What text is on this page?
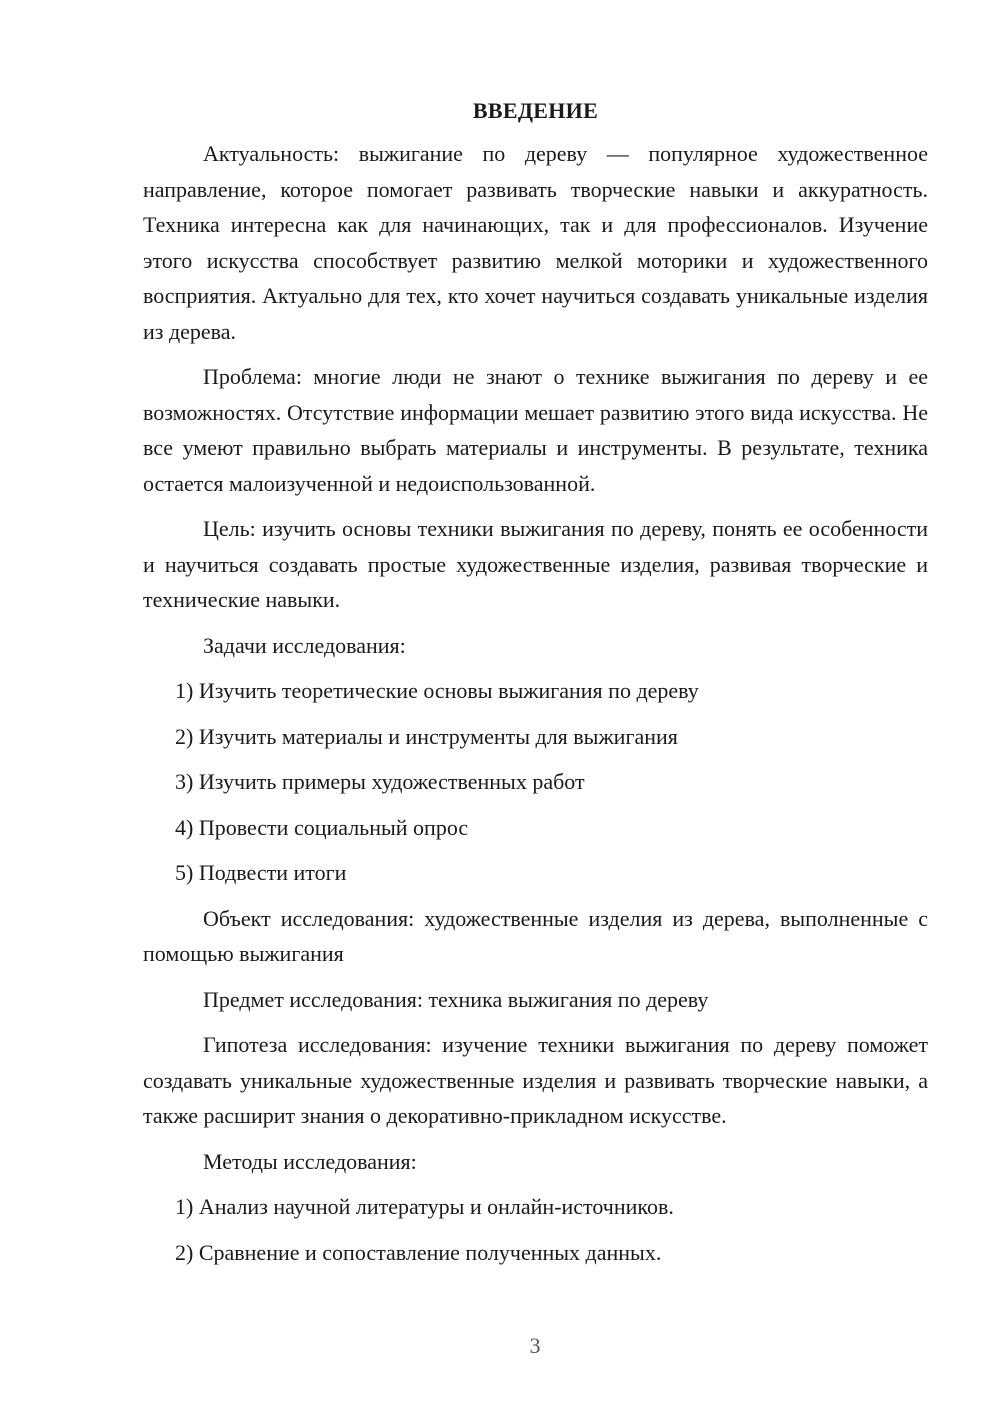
ВВЕДЕНИЕ

Актуальность: выжигание по дереву — популярное художественное направление, которое помогает развивать творческие навыки и аккуратность. Техника интересна как для начинающих, так и для профессионалов. Изучение этого искусства способствует развитию мелкой моторики и художественного восприятия. Актуально для тех, кто хочет научиться создавать уникальные изделия из дерева.

Проблема: многие люди не знают о технике выжигания по дереву и ее возможностях. Отсутствие информации мешает развитию этого вида искусства. Не все умеют правильно выбрать материалы и инструменты. В результате, техника остается малоизученной и недоиспользованной.

Цель: изучить основы техники выжигания по дереву, понять ее особенности и научиться создавать простые художественные изделия, развивая творческие и технические навыки.

Задачи исследования:

1) Изучить теоретические основы выжигания по дереву

2) Изучить материалы и инструменты для выжигания

3) Изучить примеры художественных работ

4) Провести социальный опрос

5) Подвести итоги

Объект исследования: художественные изделия из дерева, выполненные с помощью выжигания

Предмет исследования: техника выжигания по дереву

Гипотеза исследования: изучение техники выжигания по дереву поможет создавать уникальные художественные изделия и развивать творческие навыки, а также расширит знания о декоративно-прикладном искусстве.

Методы исследования:

1) Анализ научной литературы и онлайн-источников.

2) Сравнение и сопоставление полученных данных.

3
